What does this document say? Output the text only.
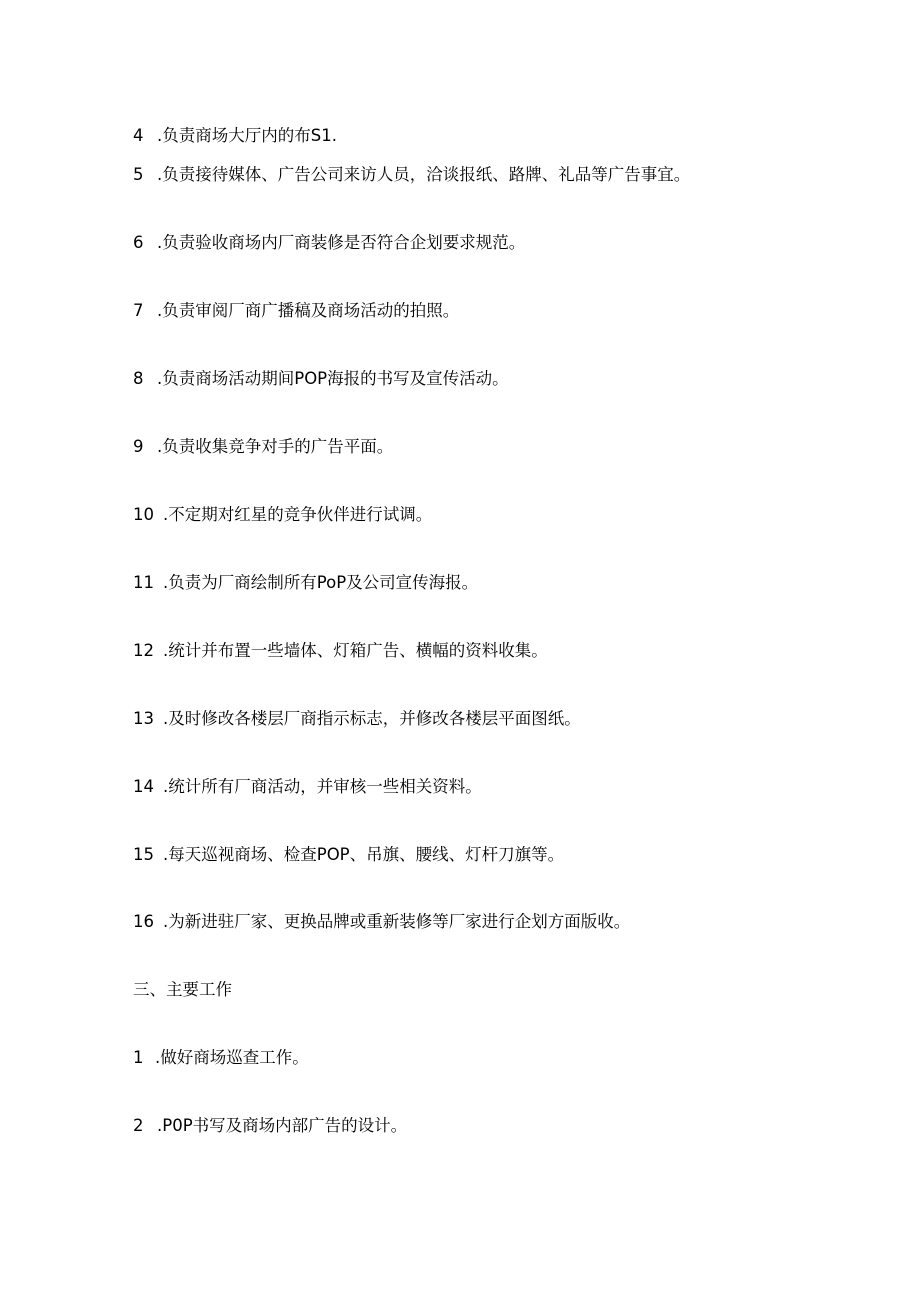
4 .负责商场大厅内的布S1.
5 .负责接待媒体、广告公司来访人员，洽谈报纸、路牌、礼品等广告事宜。
6 .负责验收商场内厂商装修是否符合企划要求规范。
7 .负责审阅厂商广播稿及商场活动的拍照。
8 .负责商场活动期间POP海报的书写及宣传活动。
9 .负责收集竞争对手的广告平面。
10 .不定期对红星的竞争伙伴进行试调。
11 .负责为厂商绘制所有PoP及公司宣传海报。
12 .统计并布置一些墙体、灯箱广告、横幅的资料收集。
13 .及时修改各楼层厂商指示标志，并修改各楼层平面图纸。
14 .统计所有厂商活动，并审核一些相关资料。
15 .每天巡视商场、检查POP、吊旗、腰线、灯杆刀旗等。
16 .为新进驻厂家、更换品牌或重新装修等厂家进行企划方面版收。
三、主要工作
1 .做好商场巡查工作。
2 .P0P书写及商场内部广告的设计。
